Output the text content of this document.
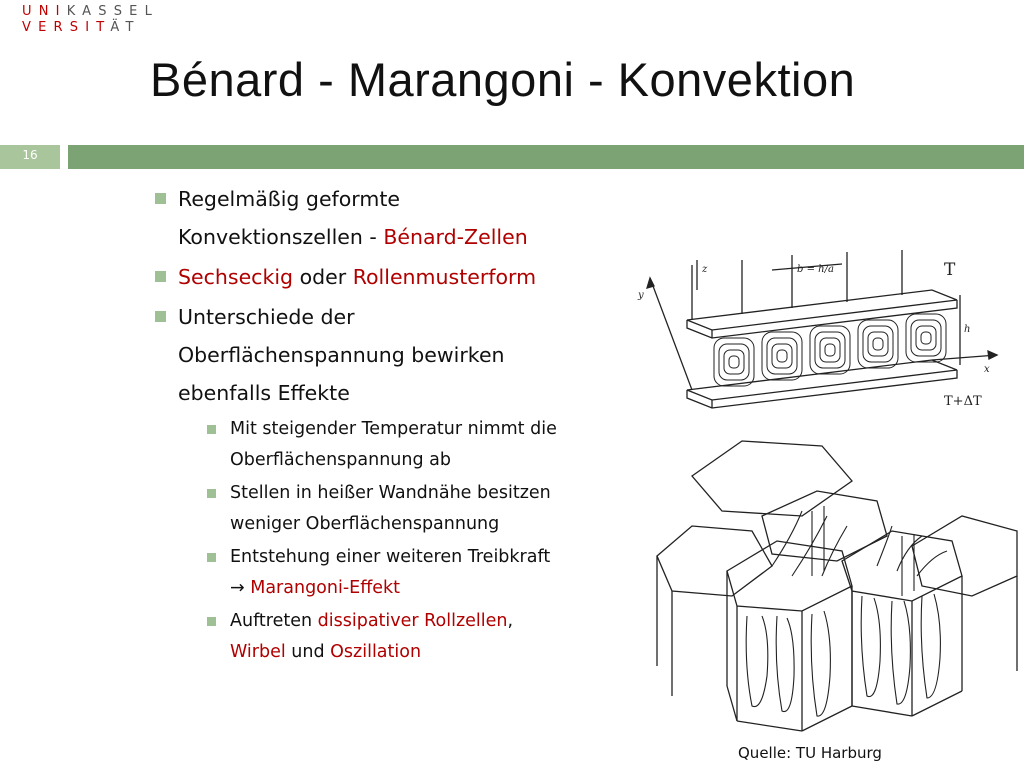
UNIKASSEL
VERSITÄT
Bénard - Marangoni - Konvektion
16
Regelmäßig geformte
Konvektionszellen - Bénard-Zellen
Sechseckig oder Rollenmusterform
Unterschiede der
Oberflächenspannung bewirken
ebenfalls Effekte
Mit steigender Temperatur nimmt die
Oberflächenspannung ab
Stellen in heißer Wandnähe besitzen
weniger Oberflächenspannung
Entstehung einer weiteren Treibkraft
→ Marangoni-Effekt
Auftreten dissipativer Rollzellen,
Wirbel und Oszillation
T
T+ΔT
z
y
x
h
b = h/a
Quelle: TU Harburg
